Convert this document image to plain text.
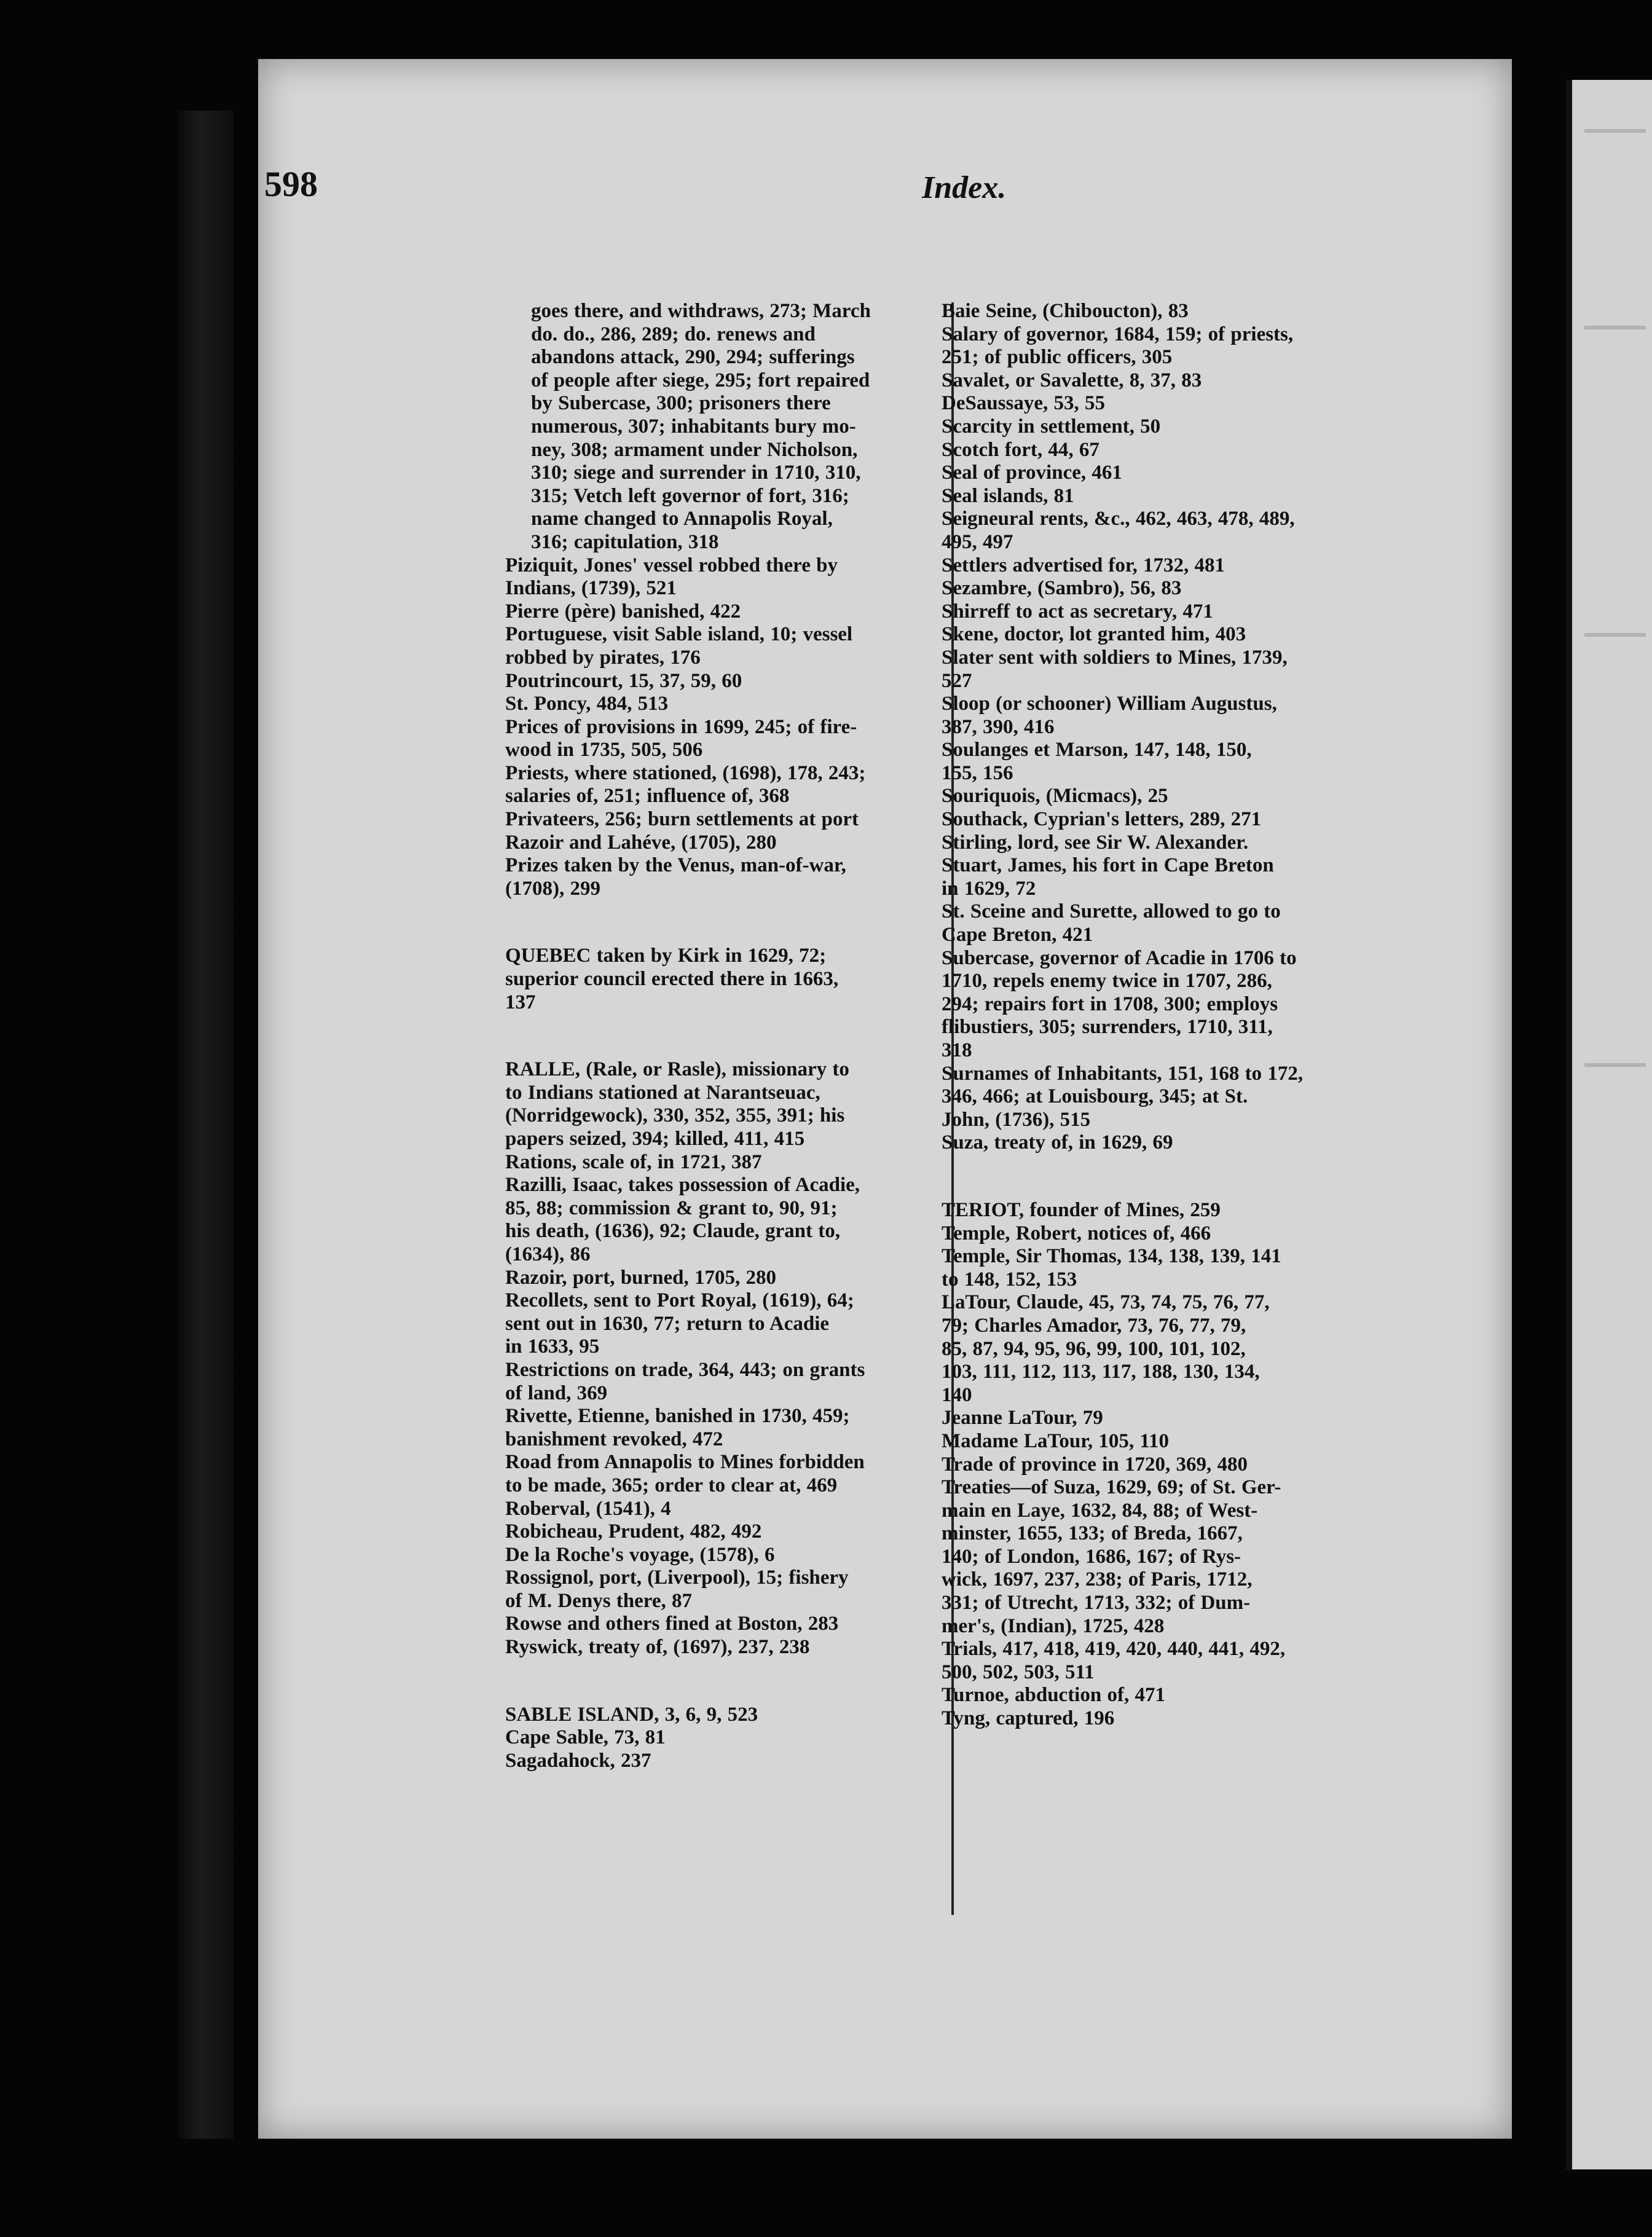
598	Index.
goes there, and withdraws, 273; March
do. do., 286, 289; do. renews and
abandons attack, 290, 294; sufferings
of people after siege, 295; fort repaired
by Subercase, 300; prisoners there
numerous, 307; inhabitants bury mo-
ney, 308; armament under Nicholson,
310; siege and surrender in 1710, 310,
315; Vetch left governor of fort, 316;
name changed to Annapolis Royal,
316; capitulation, 318
Piziquit, Jones' vessel robbed there by
Indians, (1739), 521
Pierre (père) banished, 422
Portuguese, visit Sable island, 10; vessel
robbed by pirates, 176
Poutrincourt, 15, 37, 59, 60
St. Poncy, 484, 513
Prices of provisions in 1699, 245; of fire-
wood in 1735, 505, 506
Priests, where stationed, (1698), 178, 243;
salaries of, 251; influence of, 368
Privateers, 256; burn settlements at port
Razoir and Lahéve, (1705), 280
Prizes taken by the Venus, man-of-war,
(1708), 299
QUEBEC taken by Kirk in 1629, 72;
superior council erected there in 1663,
137
RALLE, (Rale, or Rasle), missionary to
to Indians stationed at Narantseuac,
(Norridgewock), 330, 352, 355, 391; his
papers seized, 394; killed, 411, 415
Rations, scale of, in 1721, 387
Razilli, Isaac, takes possession of Acadie,
85, 88; commission & grant to, 90, 91;
his death, (1636), 92; Claude, grant to,
(1634), 86
Razoir, port, burned, 1705, 280
Recollets, sent to Port Royal, (1619), 64;
sent out in 1630, 77; return to Acadie
in 1633, 95
Restrictions on trade, 364, 443; on grants
of land, 369
Rivette, Etienne, banished in 1730, 459;
banishment revoked, 472
Road from Annapolis to Mines forbidden
to be made, 365; order to clear at, 469
Roberval, (1541), 4
Robicheau, Prudent, 482, 492
De la Roche's voyage, (1578), 6
Rossignol, port, (Liverpool), 15; fishery
of M. Denys there, 87
Rowse and others fined at Boston, 283
Ryswick, treaty of, (1697), 237, 238
SABLE ISLAND, 3, 6, 9, 523
Cape Sable, 73, 81
Sagadahock, 237
Baie Seine, (Chiboucton), 83
Salary of governor, 1684, 159; of priests,
251; of public officers, 305
Savalet, or Savalette, 8, 37, 83
DeSaussaye, 53, 55
Scarcity in settlement, 50
Scotch fort, 44, 67
Seal of province, 461
Seal islands, 81
Seigneural rents, &c., 462, 463, 478, 489,
495, 497
Settlers advertised for, 1732, 481
Sezambre, (Sambro), 56, 83
Shirreff to act as secretary, 471
Skene, doctor, lot granted him, 403
Slater sent with soldiers to Mines, 1739,
527
Sloop (or schooner) William Augustus,
387, 390, 416
Soulanges et Marson, 147, 148, 150,
155, 156
Souriquois, (Micmacs), 25
Southack, Cyprian's letters, 289, 271
Stirling, lord, see Sir W. Alexander.
Stuart, James, his fort in Cape Breton
in 1629, 72
St. Sceine and Surette, allowed to go to
Cape Breton, 421
Subercase, governor of Acadie in 1706 to
1710, repels enemy twice in 1707, 286,
294; repairs fort in 1708, 300; employs
flibustiers, 305; surrenders, 1710, 311,
318
Surnames of Inhabitants, 151, 168 to 172,
346, 466; at Louisbourg, 345; at St.
John, (1736), 515
Suza, treaty of, in 1629, 69
TERIOT, founder of Mines, 259
Temple, Robert, notices of, 466
Temple, Sir Thomas, 134, 138, 139, 141
to 148, 152, 153
LaTour, Claude, 45, 73, 74, 75, 76, 77,
79; Charles Amador, 73, 76, 77, 79,
85, 87, 94, 95, 96, 99, 100, 101, 102,
103, 111, 112, 113, 117, 188, 130, 134,
140
Jeanne LaTour, 79
Madame LaTour, 105, 110
Trade of province in 1720, 369, 480
Treaties—of Suza, 1629, 69; of St. Ger-
main en Laye, 1632, 84, 88; of West-
minster, 1655, 133; of Breda, 1667,
140; of London, 1686, 167; of Rys-
wick, 1697, 237, 238; of Paris, 1712,
331; of Utrecht, 1713, 332; of Dum-
mer's, (Indian), 1725, 428
Trials, 417, 418, 419, 420, 440, 441, 492,
500, 502, 503, 511
Turnoe, abduction of, 471
Tyng, captured, 196
